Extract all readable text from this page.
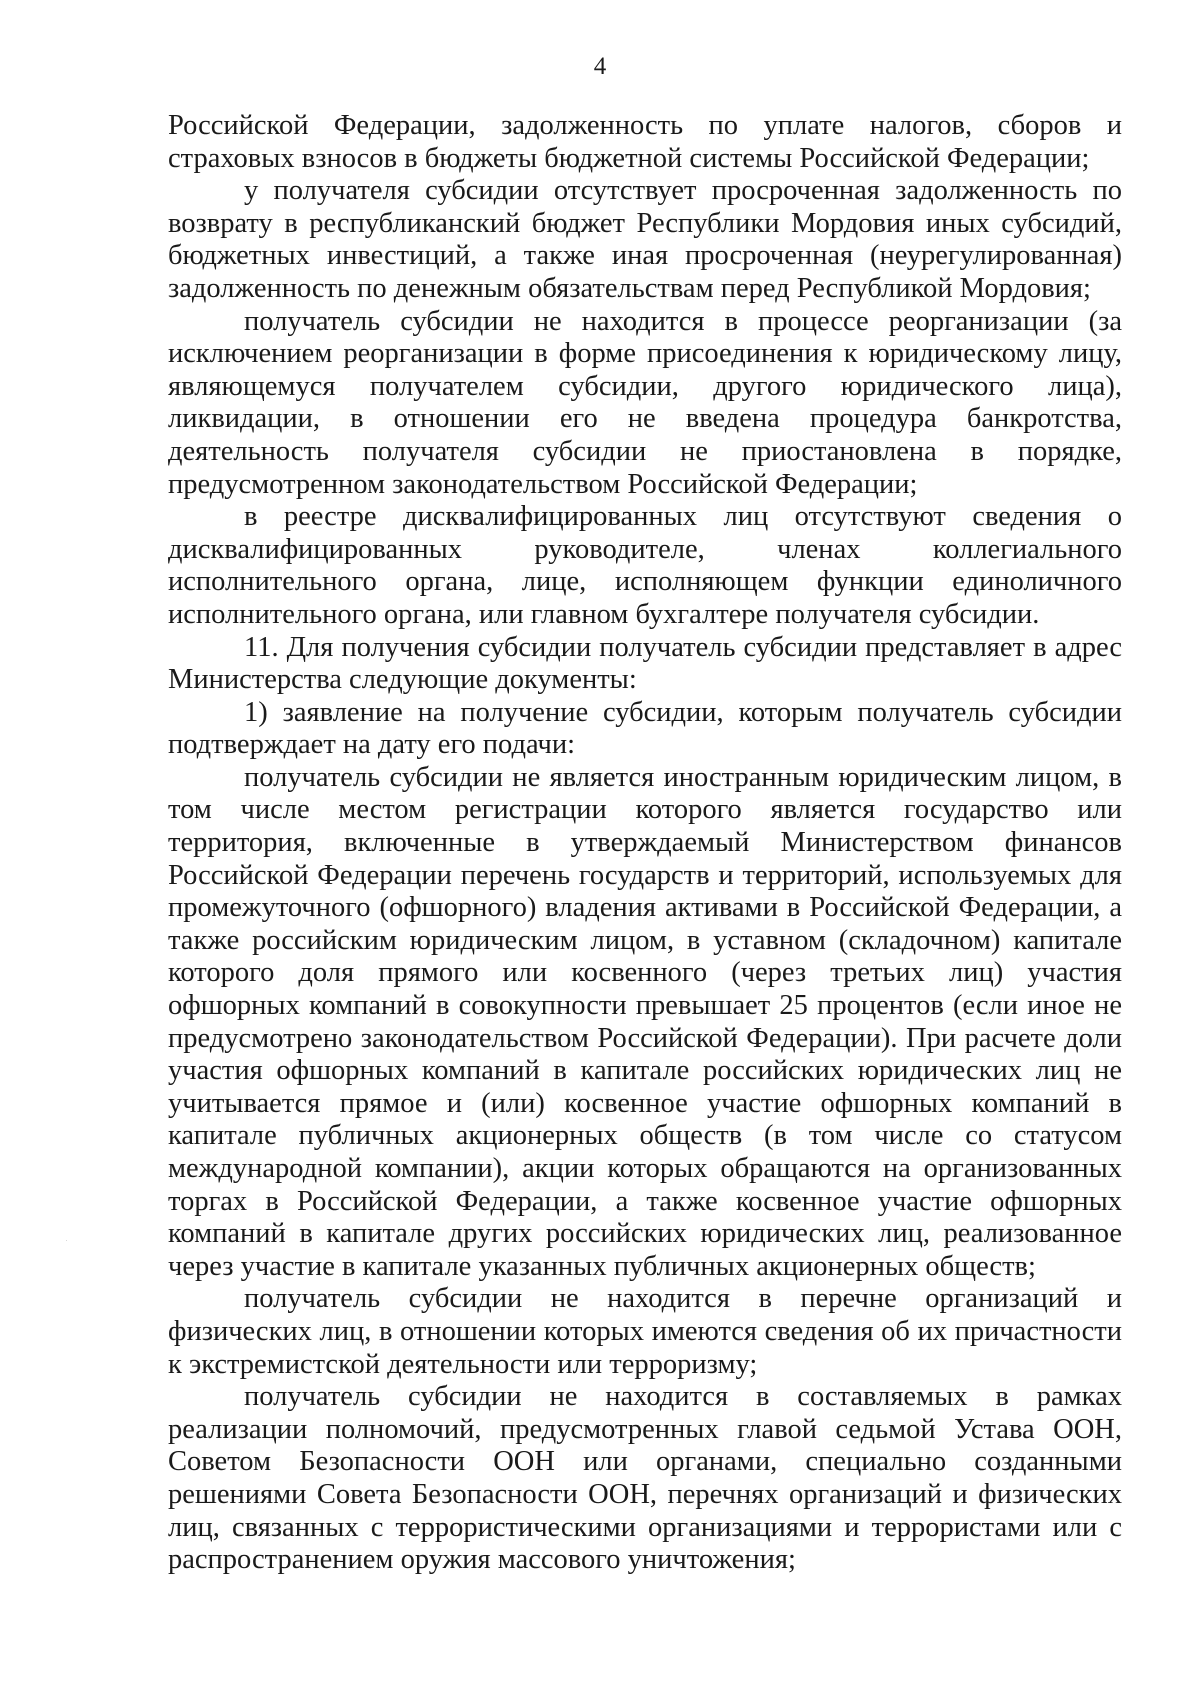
4

Российской Федерации, задолженность по уплате налогов, сборов и страховых взносов в бюджеты бюджетной системы Российской Федерации;

у получателя субсидии отсутствует просроченная задолженность по возврату в республиканский бюджет Республики Мордовия иных субсидий, бюджетных инвестиций, а также иная просроченная (неурегулированная) задолженность по денежным обязательствам перед Республикой Мордовия;

получатель субсидии не находится в процессе реорганизации (за исключением реорганизации в форме присоединения к юридическому лицу, являющемуся получателем субсидии, другого юридического лица), ликвидации, в отношении его не введена процедура банкротства, деятельность получателя субсидии не приостановлена в порядке, предусмотренном законодательством Российской Федерации;

в реестре дисквалифицированных лиц отсутствуют сведения о дисквалифицированных руководителе, членах коллегиального исполнительного органа, лице, исполняющем функции единоличного исполнительного органа, или главном бухгалтере получателя субсидии.

11. Для получения субсидии получатель субсидии представляет в адрес Министерства следующие документы:

1) заявление на получение субсидии, которым получатель субсидии подтверждает на дату его подачи:

получатель субсидии не является иностранным юридическим лицом, в том числе местом регистрации которого является государство или территория, включенные в утверждаемый Министерством финансов Российской Федерации перечень государств и территорий, используемых для промежуточного (офшорного) владения активами в Российской Федерации, а также российским юридическим лицом, в уставном (складочном) капитале которого доля прямого или косвенного (через третьих лиц) участия офшорных компаний в совокупности превышает 25 процентов (если иное не предусмотрено законодательством Российской Федерации). При расчете доли участия офшорных компаний в капитале российских юридических лиц не учитывается прямое и (или) косвенное участие офшорных компаний в капитале публичных акционерных обществ (в том числе со статусом международной компании), акции которых обращаются на организованных торгах в Российской Федерации, а также косвенное участие офшорных компаний в капитале других российских юридических лиц, реализованное через участие в капитале указанных публичных акционерных обществ;

получатель субсидии не находится в перечне организаций и физических лиц, в отношении которых имеются сведения об их причастности к экстремистской деятельности или терроризму;

получатель субсидии не находится в составляемых в рамках реализации полномочий, предусмотренных главой седьмой Устава ООН, Советом Безопасности ООН или органами, специально созданными решениями Совета Безопасности ООН, перечнях организаций и физических лиц, связанных с террористическими организациями и террористами или с распространением оружия массового уничтожения;
